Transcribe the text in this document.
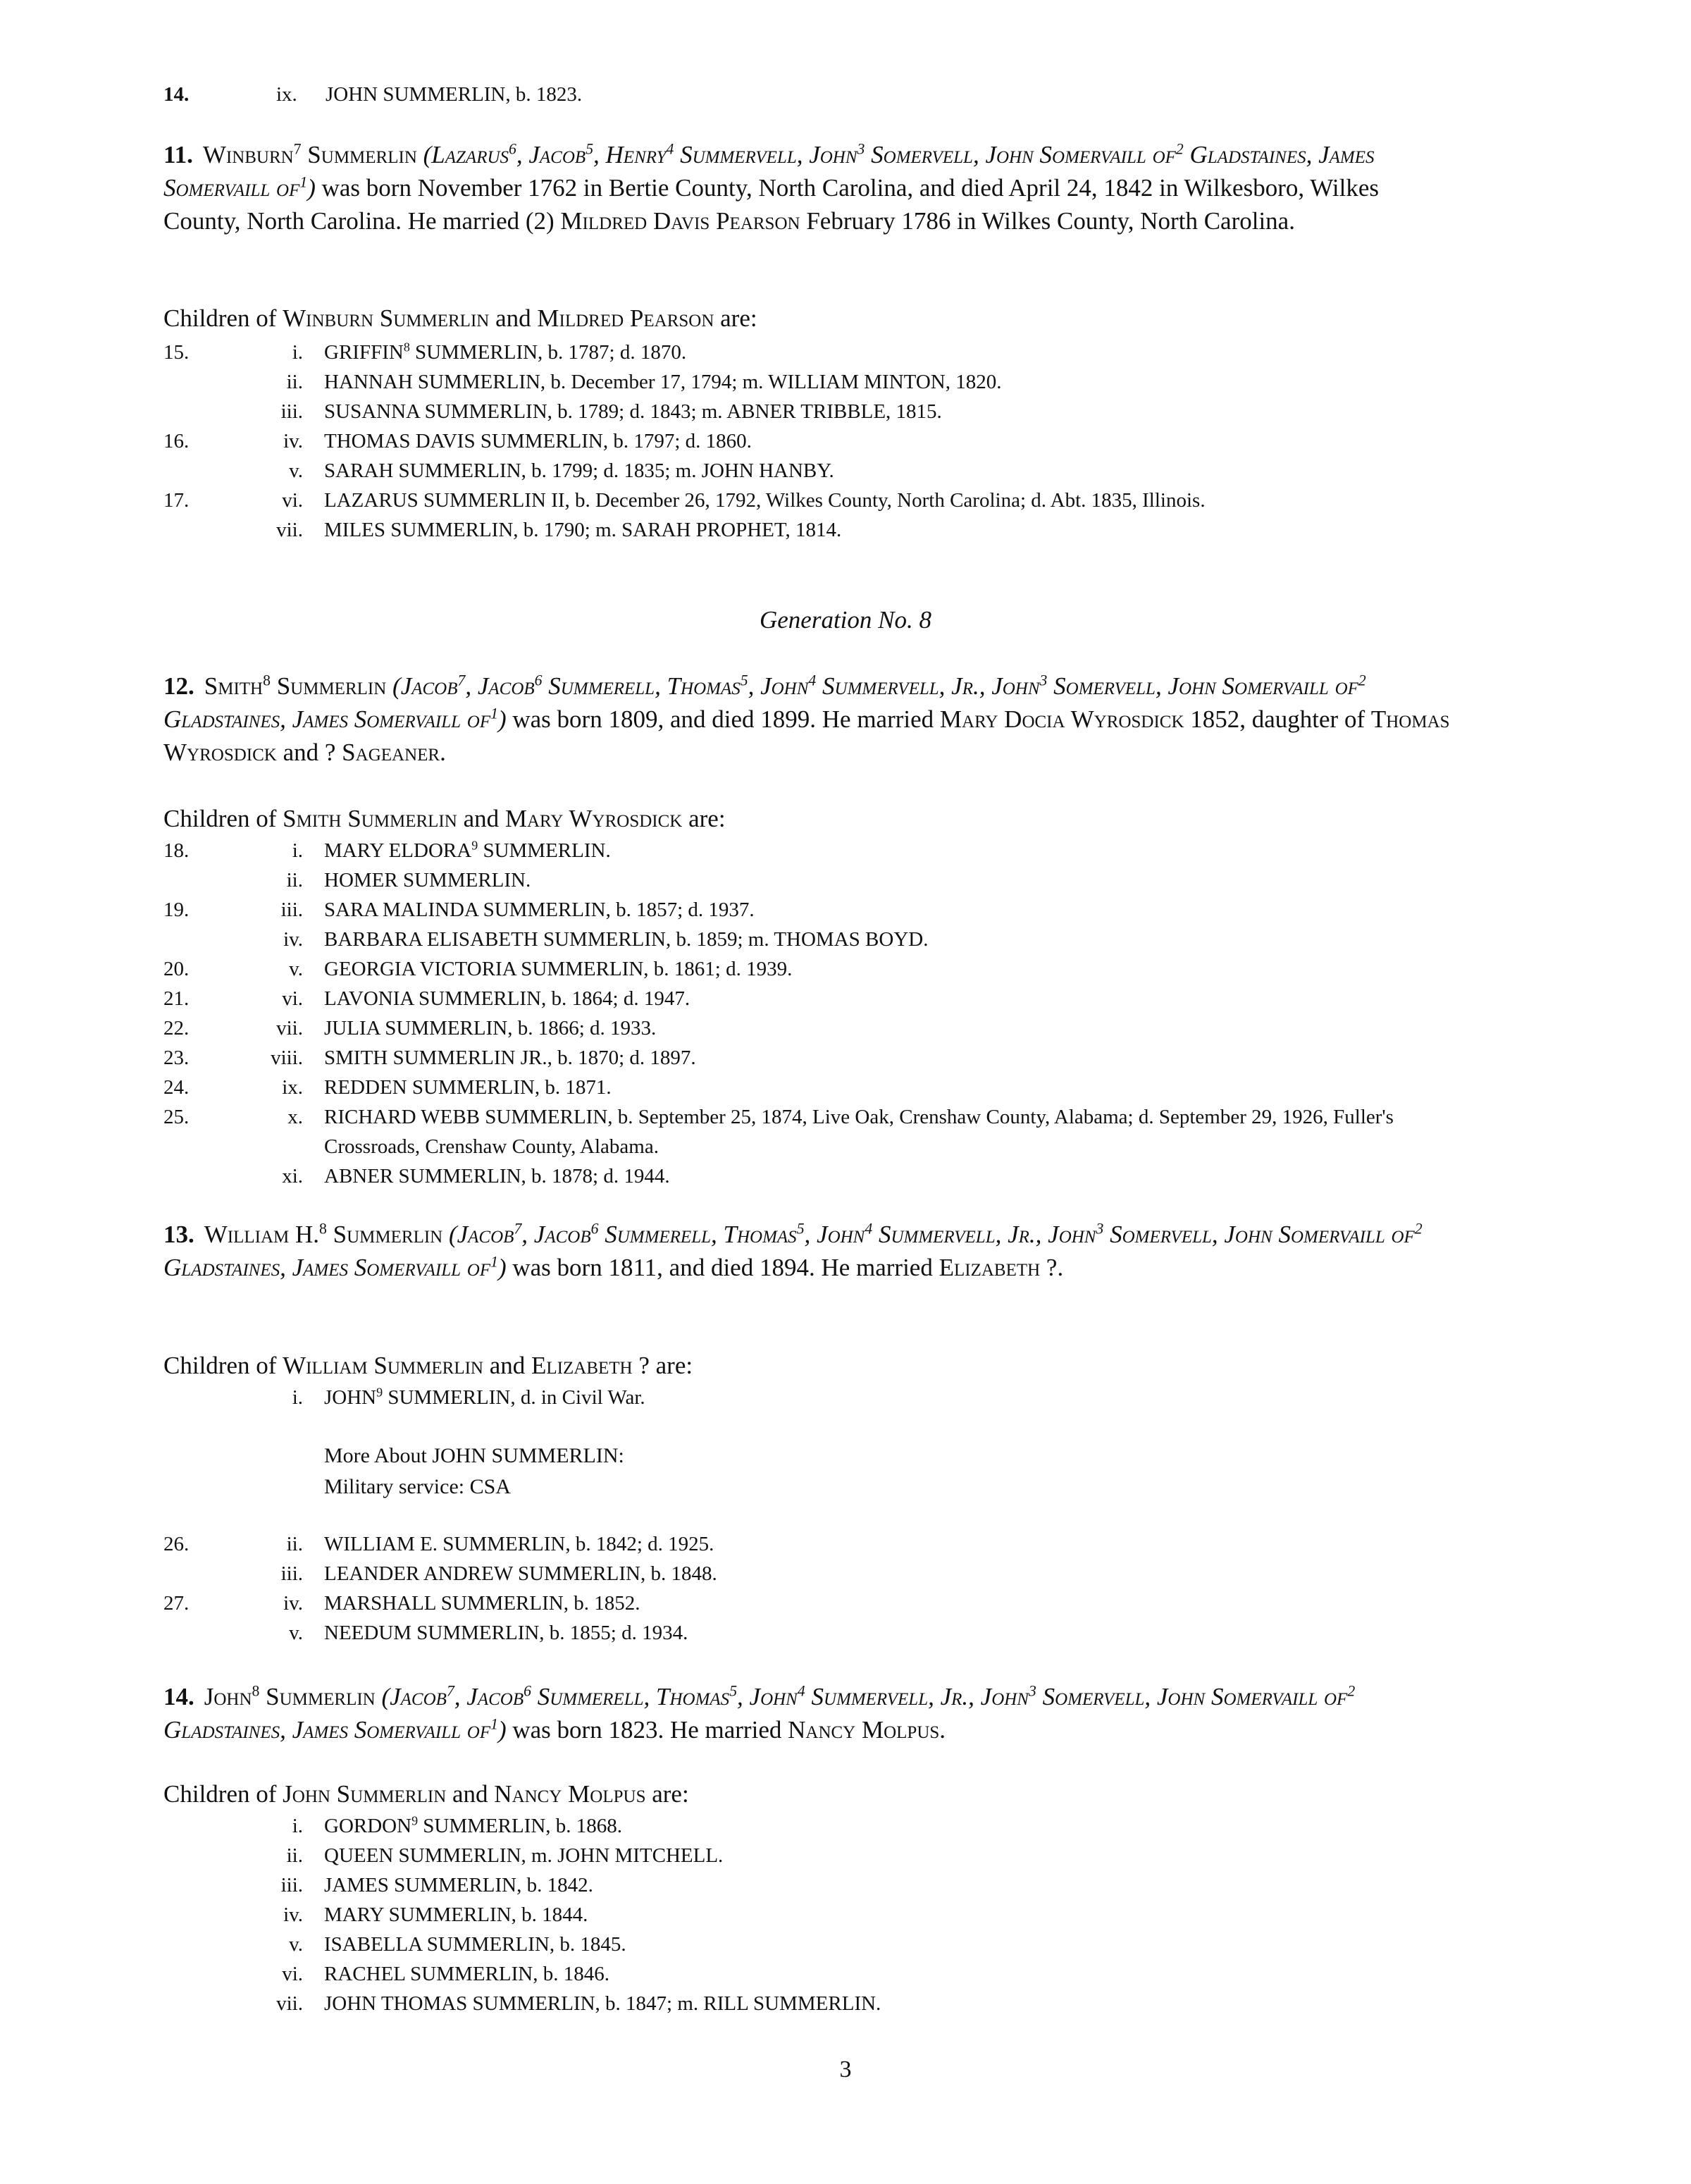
14.	ix. JOHN SUMMERLIN, b. 1823.
11. Winburn$^7$ Summerlin (Lazarus$^6$, Jacob$^5$, Henry$^4$ Summervell, John$^3$ Somervell, John Somervaill $of^2$ Gladstaines, James Somervaill $of^1$) was born November 1762 in Bertie County, North Carolina, and died April 24, 1842 in Wilkesboro, Wilkes County, North Carolina. He married (2) Mildred Davis Pearson February 1786 in Wilkes County, North Carolina.
Children of Winburn Summerlin and Mildred Pearson are:
15.	i. GRIFFIN$^8$ SUMMERLIN, b. 1787; d. 1870.
ii. HANNAH SUMMERLIN, b. December 17, 1794; m. WILLIAM MINTON, 1820.
iii. SUSANNA SUMMERLIN, b. 1789; d. 1843; m. ABNER TRIBBLE, 1815.
16.	iv. THOMAS DAVIS SUMMERLIN, b. 1797; d. 1860.
v. SARAH SUMMERLIN, b. 1799; d. 1835; m. JOHN HANBY.
17.	vi. LAZARUS SUMMERLIN II, b. December 26, 1792, Wilkes County, North Carolina; d. Abt. 1835, Illinois.
vii. MILES SUMMERLIN, b. 1790; m. SARAH PROPHET, 1814.
Generation No. 8
12. Smith$^8$ Summerlin (Jacob$^7$, Jacob$^6$ Summerell, Thomas$^5$, John$^4$ Summervell, Jr., John$^3$ Somervell, John Somervaill $of^2$ Gladstaines, James Somervaill $of^1$) was born 1809, and died 1899. He married Mary Docia Wyrosdick 1852, daughter of Thomas Wyrosdick and ? Sageaner.
Children of Smith Summerlin and Mary Wyrosdick are:
18.	i. MARY ELDORA$^9$ SUMMERLIN.
ii. HOMER SUMMERLIN.
19.	iii. SARA MALINDA SUMMERLIN, b. 1857; d. 1937.
iv. BARBARA ELISABETH SUMMERLIN, b. 1859; m. THOMAS BOYD.
20.	v. GEORGIA VICTORIA SUMMERLIN, b. 1861; d. 1939.
21.	vi. LAVONIA SUMMERLIN, b. 1864; d. 1947.
22.	vii. JULIA SUMMERLIN, b. 1866; d. 1933.
23.	viii. SMITH SUMMERLIN JR., b. 1870; d. 1897.
24.	ix. REDDEN SUMMERLIN, b. 1871.
25.	x. RICHARD WEBB SUMMERLIN, b. September 25, 1874, Live Oak, Crenshaw County, Alabama; d. September 29, 1926, Fuller's Crossroads, Crenshaw County, Alabama.
xi. ABNER SUMMERLIN, b. 1878; d. 1944.
13. William H.$^8$ Summerlin (Jacob$^7$, Jacob$^6$ Summerell, Thomas$^5$, John$^4$ Summervell, Jr., John$^3$ Somervell, John Somervaill $of^2$ Gladstaines, James Somervaill $of^1$) was born 1811, and died 1894. He married Elizabeth ?.
Children of William Summerlin and Elizabeth ? are:
i. JOHN$^9$ SUMMERLIN, d. in Civil War.
More About JOHN SUMMERLIN:
Military service: CSA
26.	ii. WILLIAM E. SUMMERLIN, b. 1842; d. 1925.
iii. LEANDER ANDREW SUMMERLIN, b. 1848.
27.	iv. MARSHALL SUMMERLIN, b. 1852.
v. NEEDUM SUMMERLIN, b. 1855; d. 1934.
14. John$^8$ Summerlin (Jacob$^7$, Jacob$^6$ Summerell, Thomas$^5$, John$^4$ Summervell, Jr., John$^3$ Somervell, John Somervaill $of^2$ Gladstaines, James Somervaill $of^1$) was born 1823. He married Nancy Molpus.
Children of John Summerlin and Nancy Molpus are:
i. GORDON$^9$ SUMMERLIN, b. 1868.
ii. QUEEN SUMMERLIN, m. JOHN MITCHELL.
iii. JAMES SUMMERLIN, b. 1842.
iv. MARY SUMMERLIN, b. 1844.
v. ISABELLA SUMMERLIN, b. 1845.
vi. RACHEL SUMMERLIN, b. 1846.
vii. JOHN THOMAS SUMMERLIN, b. 1847; m. RILL SUMMERLIN.
3
